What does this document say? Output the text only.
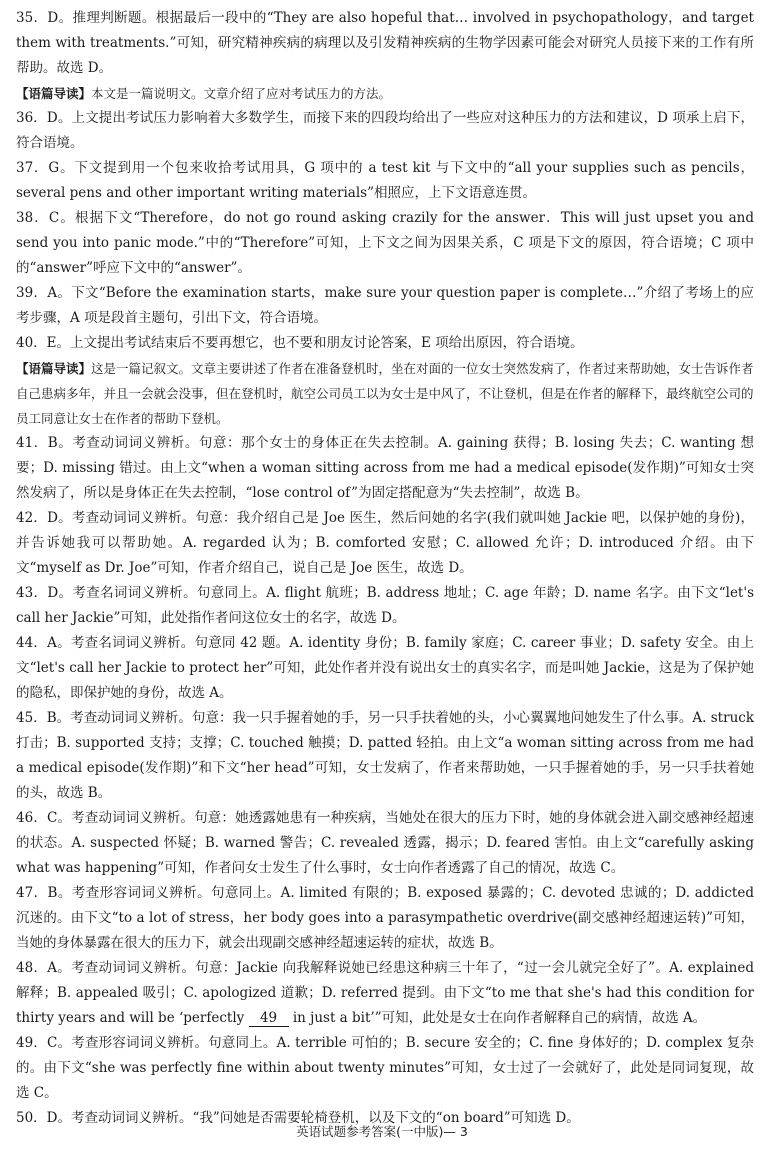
35．D。推理判断题。根据最后一段中的“They are also hopeful that… involved in psychopathology，and target them with treatments.”可知，研究精神疾病的病理以及引发精神疾病的生物学因素可能会对研究人员接下来的工作有所帮助。故选 D。

【语篇导读】本文是一篇说明文。文章介绍了应对考试压力的方法。

36．D。上文提出考试压力影响着大多数学生，而接下来的四段均给出了一些应对这种压力的方法和建议，D 项承上启下，符合语境。

37．G。下文提到用一个包来收拾考试用具，G 项中的 a test kit 与下文中的“all your supplies such as pencils，several pens and other important writing materials”相照应，上下文语意连贯。

38．C。根据下文“Therefore，do not go round asking crazily for the answer．This will just upset you and send you into panic mode.”中的“Therefore”可知，上下文之间为因果关系，C 项是下文的原因，符合语境；C 项中的“answer”呼应下文中的“answer”。

39．A。下文“Before the examination starts，make sure your question paper is complete…”介绍了考场上的应考步骤，A 项是段首主题句，引出下文，符合语境。

40．E。上文提出考试结束后不要再想它，也不要和朋友讨论答案，E 项给出原因，符合语境。

【语篇导读】这是一篇记叙文。文章主要讲述了作者在准备登机时，坐在对面的一位女士突然发病了，作者过来帮助她，女士告诉作者自己患病多年，并且一会就会没事，但在登机时，航空公司员工以为女士是中风了，不让登机，但是在作者的解释下，最终航空公司的员工同意让女士在作者的帮助下登机。

41．B。考查动词词义辨析。句意：那个女士的身体正在失去控制。A. gaining 获得；B. losing 失去；C. wanting 想要；D. missing 错过。由上文“when a woman sitting across from me had a medical episode(发作期)”可知女士突然发病了，所以是身体正在失去控制，“lose control of”为固定搭配意为“失去控制”，故选 B。

42．D。考查动词词义辨析。句意：我介绍自己是 Joe 医生，然后问她的名字(我们就叫她 Jackie 吧，以保护她的身份)，并告诉她我可以帮助她。A. regarded 认为；B. comforted 安慰；C. allowed 允许；D. introduced 介绍。由下文“myself as Dr. Joe”可知，作者介绍自己，说自己是 Joe 医生，故选 D。

43．D。考查名词词义辨析。句意同上。A. flight 航班；B. address 地址；C. age 年龄；D. name 名字。由下文“let's call her Jackie”可知，此处指作者问这位女士的名字，故选 D。

44．A。考查名词词义辨析。句意同 42 题。A. identity 身份；B. family 家庭；C. career 事业；D. safety 安全。由上文“let's call her Jackie to protect her”可知，此处作者并没有说出女士的真实名字，而是叫她 Jackie，这是为了保护她的隐私，即保护她的身份，故选 A。

45．B。考查动词词义辨析。句意：我一只手握着她的手，另一只手扶着她的头，小心翼翼地问她发生了什么事。A. struck 打击；B. supported 支持；支撑；C. touched 触摸；D. patted 轻拍。由上文“a woman sitting across from me had a medical episode(发作期)”和下文“her head”可知，女士发病了，作者来帮助她，一只手握着她的手，另一只手扶着她的头，故选 B。

46．C。考查动词词义辨析。句意：她透露她患有一种疾病，当她处在很大的压力下时，她的身体就会进入副交感神经超速的状态。A. suspected 怀疑；B. warned 警告；C. revealed 透露，揭示；D. feared 害怕。由上文“carefully asking what was happening”可知，作者问女士发生了什么事时，女士向作者透露了自己的情况，故选 C。

47．B。考查形容词词义辨析。句意同上。A. limited 有限的；B. exposed 暴露的；C. devoted 忠诚的；D. addicted 沉迷的。由下文“to a lot of stress，her body goes into a parasympathetic overdrive(副交感神经超速运转)”可知，当她的身体暴露在很大的压力下，就会出现副交感神经超速运转的症状，故选 B。

48．A。考查动词词义辨析。句意：Jackie 向我解释说她已经患这种病三十年了，“过一会儿就完全好了”。A. explained 解释；B. appealed 吸引；C. apologized 道歉；D. referred 提到。由下文“to me that she's had this condition for thirty years and will be ‘perfectly 49 in just a bit’”可知，此处是女士在向作者解释自己的病情，故选 A。

49．C。考查形容词词义辨析。句意同上。A. terrible 可怕的；B. secure 安全的；C. fine 身体好的；D. complex 复杂的。由下文“she was perfectly fine within about twenty minutes”可知，女士过了一会就好了，此处是同词复现，故选 C。

50．D。考查动词词义辨析。“我”问她是否需要轮椅登机，以及下文的“on board”可知选 D。

英语试题参考答案(一中版)— 3
